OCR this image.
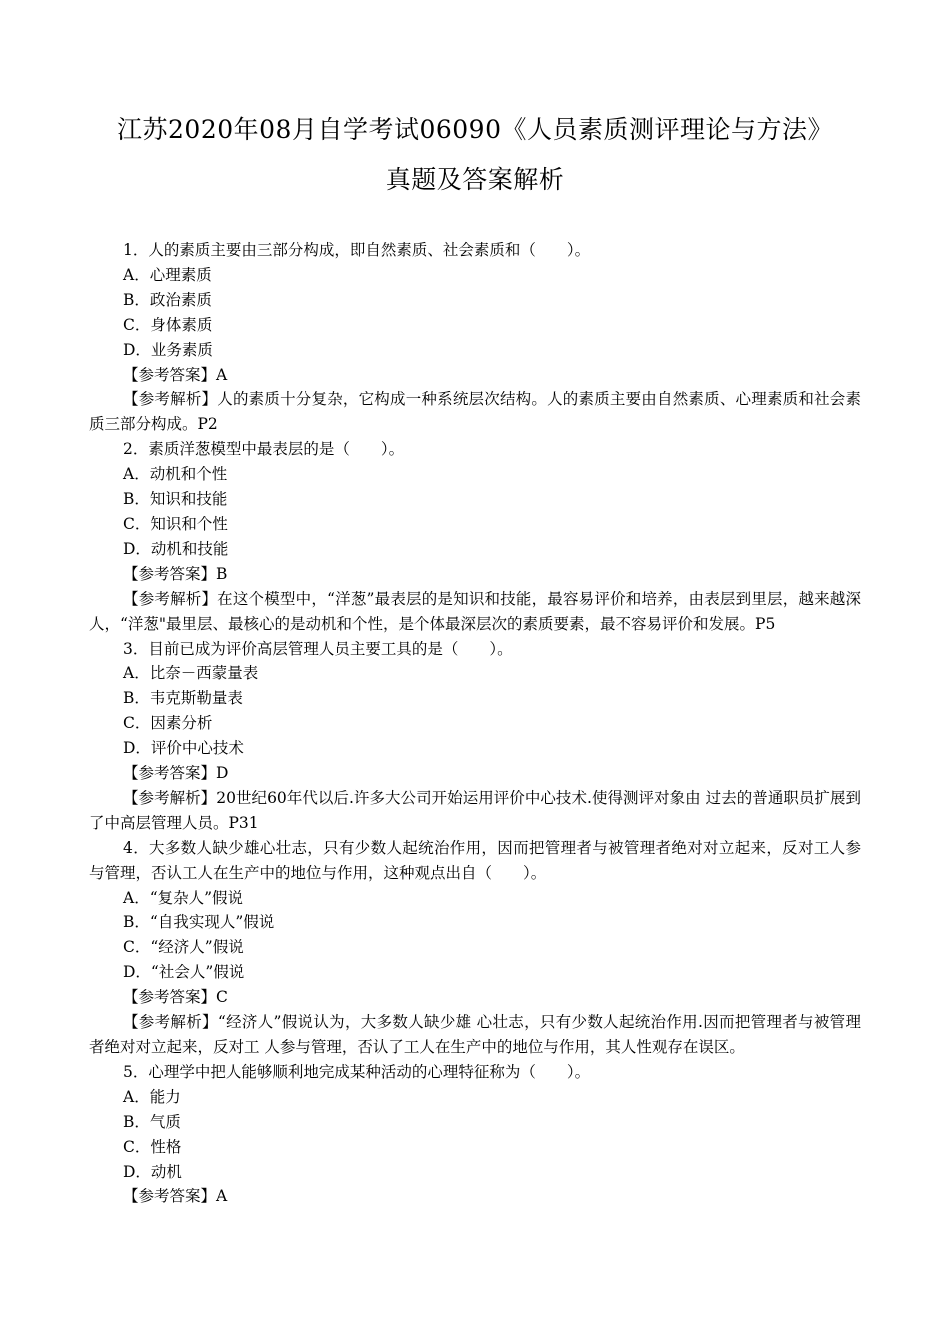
江苏2020年08月自学考试06090《人员素质测评理论与方法》
真题及答案解析

1．人的素质主要由三部分构成，即自然素质、社会素质和（　　）。

A．心理素质

B．政治素质

C．身体素质

D．业务素质

【参考答案】A

【参考解析】人的素质十分复杂，它构成一种系统层次结构。人的素质主要由自然素质、心理素质和社会素质三部分构成。P2

2．素质洋葱模型中最表层的是（　　）。

A．动机和个性

B．知识和技能

C．知识和个性

D．动机和技能

【参考答案】B

【参考解析】在这个模型中，“洋葱”最表层的是知识和技能，最容易评价和培养，由表层到里层，越来越深人，“洋葱"最里层、最核心的是动机和个性，是个体最深层次的素质要素，最不容易评价和发展。P5

3．目前已成为评价高层管理人员主要工具的是（　　）。

A．比奈－西蒙量表

B．韦克斯勒量表

C．因素分析

D．评价中心技术

【参考答案】D

【参考解析】20世纪60年代以后.许多大公司开始运用评价中心技术.使得测评对象由 过去的普通职员扩展到了中高层管理人员。P31

4．大多数人缺少雄心壮志，只有少数人起统治作用，因而把管理者与被管理者绝对对立起来，反对工人参与管理，否认工人在生产中的地位与作用，这种观点出自（　　）。

A．“复杂人”假说

B．“自我实现人”假说

C．“经济人”假说

D．“社会人”假说

【参考答案】C

【参考解析】“经济人”假说认为，大多数人缺少雄 心壮志，只有少数人起统治作用.因而把管理者与被管理者绝对对立起来，反对工 人参与管理，否认了工人在生产中的地位与作用，其人性观存在误区。

5．心理学中把人能够顺利地完成某种活动的心理特征称为（　　）。

A．能力

B．气质

C．性格

D．动机

【参考答案】A
